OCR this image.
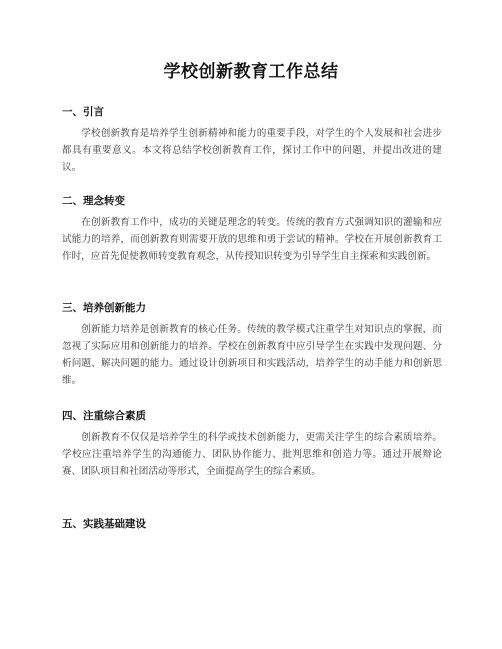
学校创新教育工作总结
一、引言

学校创新教育是培养学生创新精神和能力的重要手段，对学生的个人发展和社会进步都具有重要意义。本文将总结学校创新教育工作，探讨工作中的问题，并提出改进的建议。

二、理念转变

在创新教育工作中，成功的关键是理念的转变。传统的教育方式强调知识的灌输和应试能力的培养，而创新教育则需要开放的思维和勇于尝试的精神。学校在开展创新教育工作时，应首先促使教师转变教育观念，从传授知识转变为引导学生自主探索和实践创新。

三、培养创新能力

创新能力培养是创新教育的核心任务。传统的教学模式注重学生对知识点的掌握，而忽视了实际应用和创新能力的培养。学校在创新教育中应引导学生在实践中发现问题、分析问题、解决问题的能力。通过设计创新项目和实践活动，培养学生的动手能力和创新思维。

四、注重综合素质

创新教育不仅仅是培养学生的科学或技术创新能力，更需关注学生的综合素质培养。学校应注重培养学生的沟通能力、团队协作能力、批判思维和创造力等。通过开展辩论赛、团队项目和社团活动等形式，全面提高学生的综合素质。

五、实践基础建设
